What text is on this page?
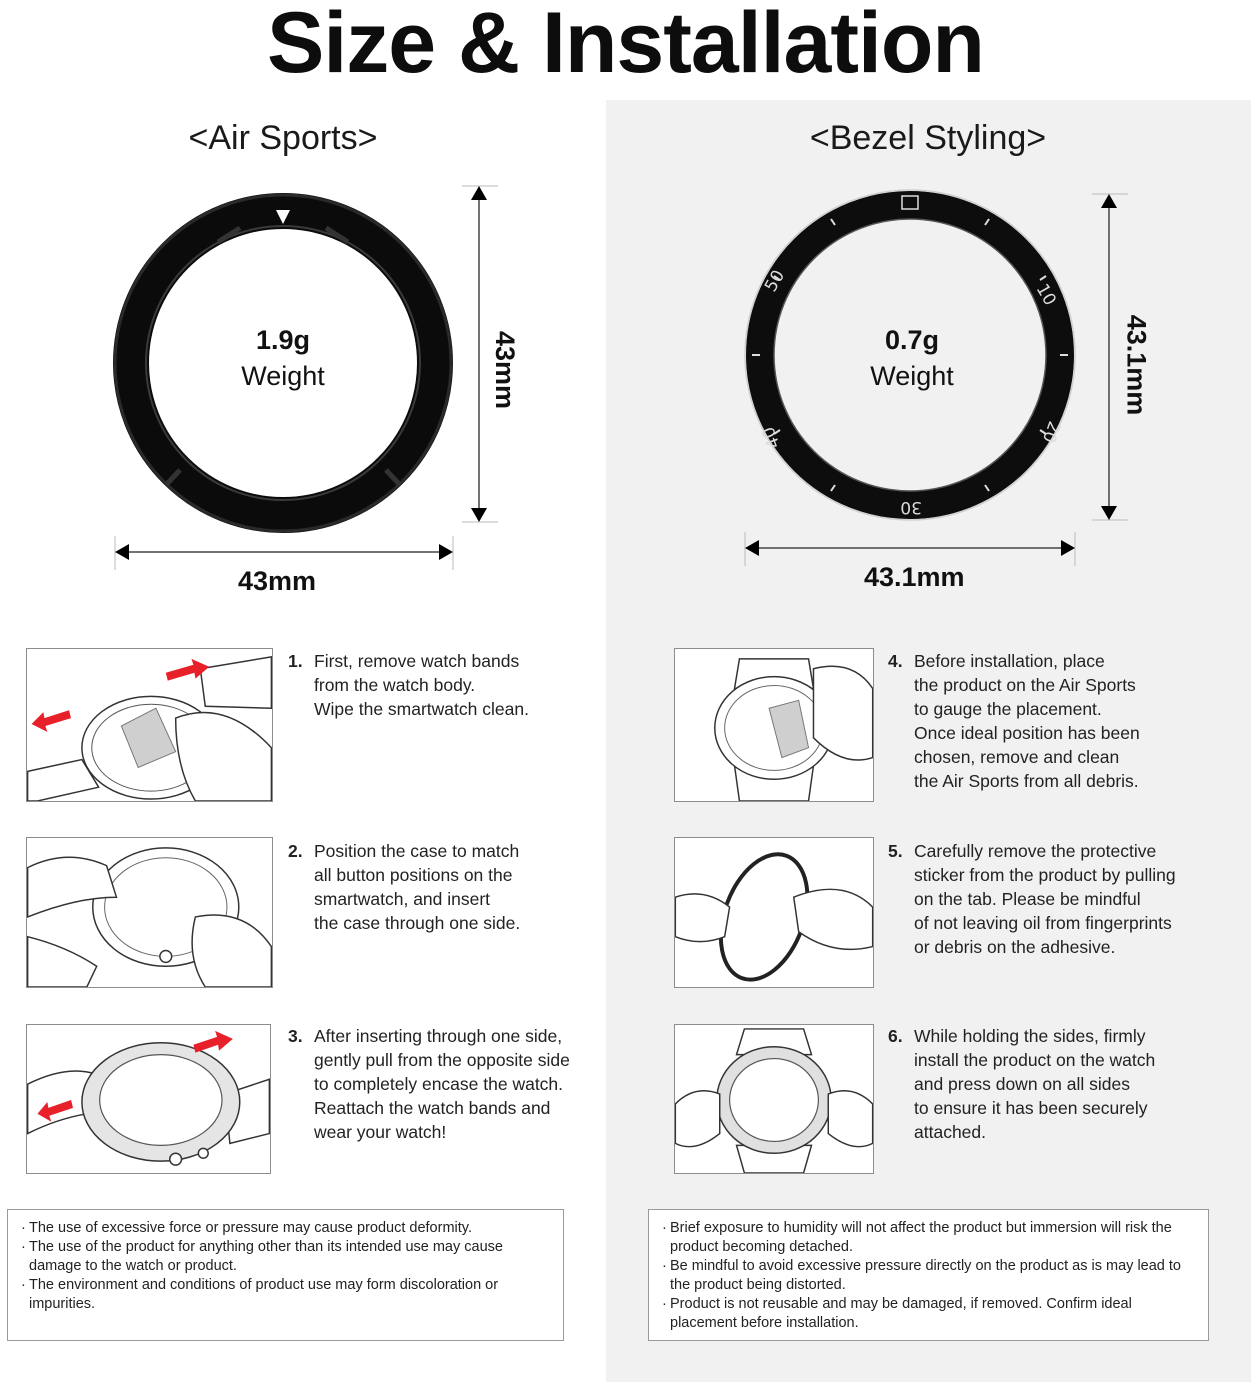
Size & Installation
<Air Sports>
1.9g
Weight	43mm
43mm
<Bezel Styling>
10
20
30
40
50
0.7g
Weight	43.1mm
43.1mm
1. First, remove watch bands
from the watch body.
Wipe the smartwatch clean.
2. Position the case to match
all button positions on the
smartwatch, and insert
the case through one side.
3. After inserting through one side,
gently pull from the opposite side
to completely encase the watch.
Reattach the watch bands and
wear your watch!
4. Before installation, place
the product on the Air Sports
to gauge the placement.
Once ideal position has been
chosen, remove and clean
the Air Sports from all debris.
5. Carefully remove the protective
sticker from the product by pulling
on the tab. Please be mindful
of not leaving oil from fingerprints
or debris on the adhesive.
6. While holding the sides, firmly
install the product on the watch
and press down on all sides
to ensure it has been securely
attached.
· The use of excessive force or pressure may cause product deformity.
· The use of the product for anything other than its intended use may cause damage to the watch or product.
· The environment and conditions of product use may form discoloration or impurities.
· Brief exposure to humidity will not affect the product but immersion will risk the product becoming detached.
· Be mindful to avoid excessive pressure directly on the product as is may lead to the product being distorted.
· Product is not reusable and may be damaged, if removed. Confirm ideal placement before installation.
